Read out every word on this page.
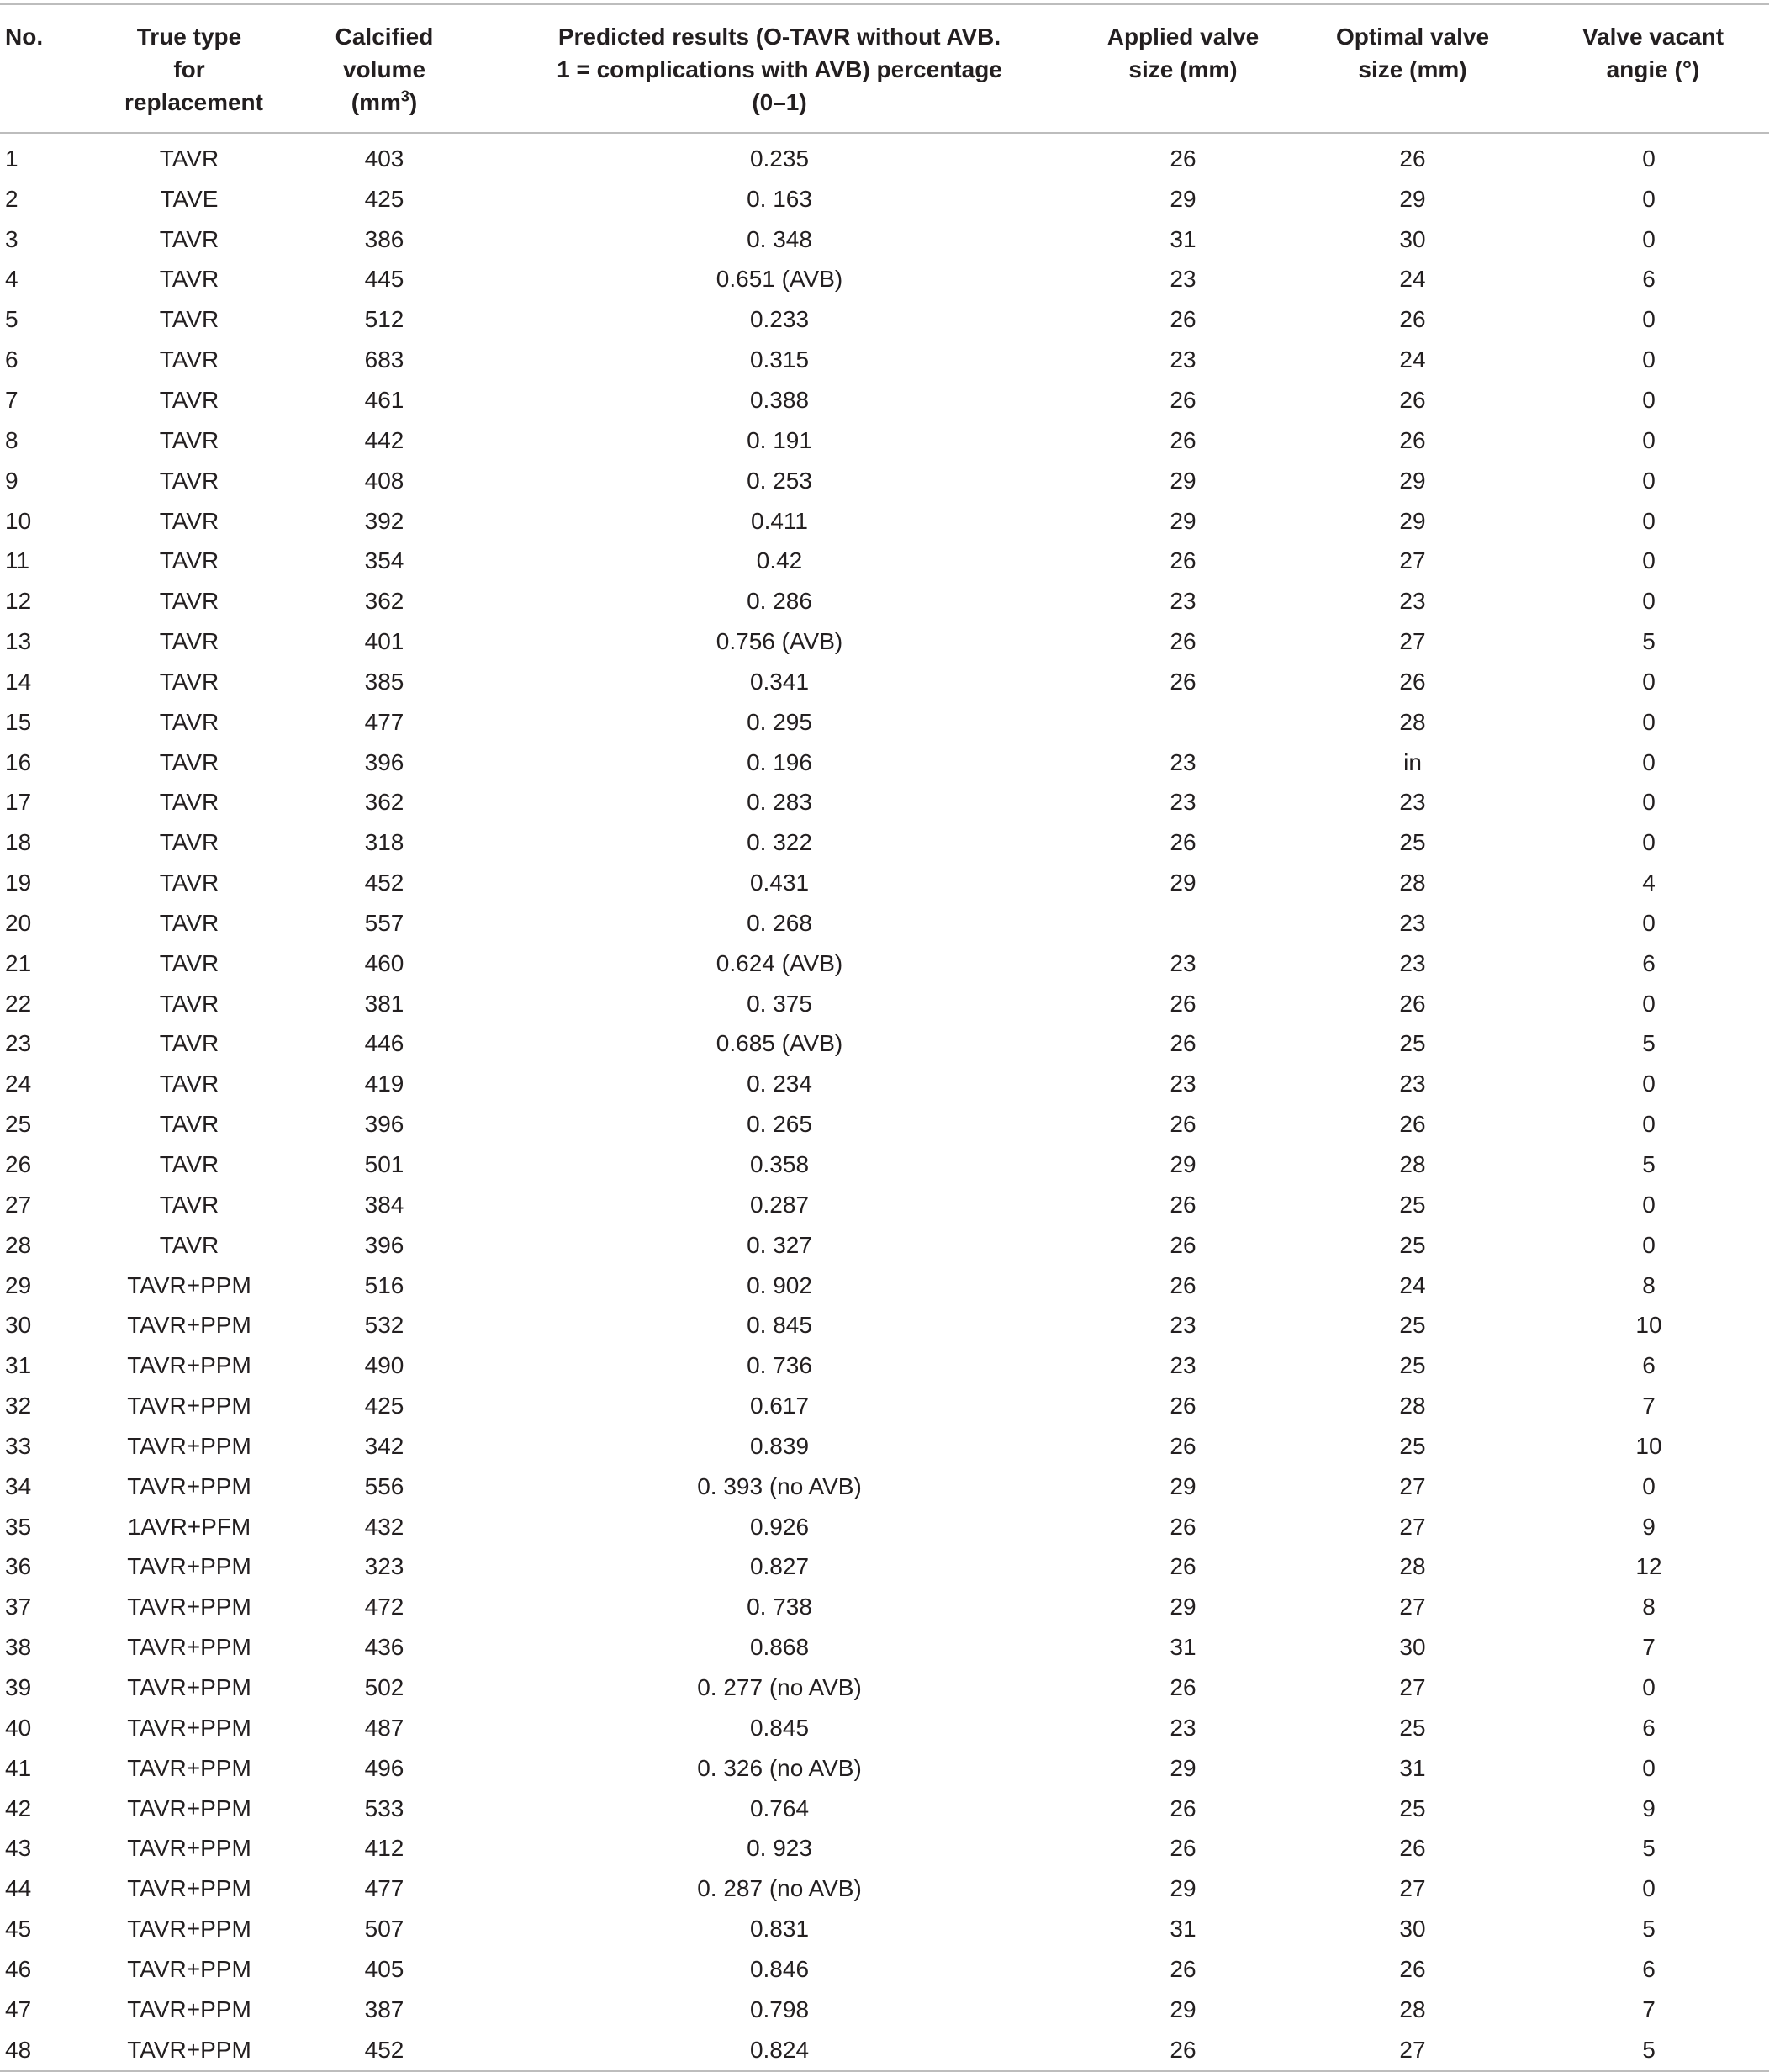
No.	True type for replacement	Calcified volume $(mm^3)$	Predicted results (O-TAVR without AVB. 1 = complications with AVB) percentage (0–1)	Applied valve size (mm)	Optimal valve size (mm)	Valve vacant angie (°)
1	TAVR	403	0.235	26	26	0
2	TAVE	425	0. 163	29	29	0
3	TAVR	386	0. 348	31	30	0
4	TAVR	445	0.651 (AVB)	23	24	6
5	TAVR	512	0.233	26	26	0
6	TAVR	683	0.315	23	24	0
7	TAVR	461	0.388	26	26	0
8	TAVR	442	0. 191	26	26	0
9	TAVR	408	0. 253	29	29	0
10	TAVR	392	0.411	29	29	0
11	TAVR	354	0.42	26	27	0
12	TAVR	362	0. 286	23	23	0
13	TAVR	401	0.756 (AVB)	26	27	5
14	TAVR	385	0.341	26	26	0
15	TAVR	477	0. 295		28	0
16	TAVR	396	0. 196	23	in	0
17	TAVR	362	0. 283	23	23	0
18	TAVR	318	0. 322	26	25	0
19	TAVR	452	0.431	29	28	4
20	TAVR	557	0. 268		23	0
21	TAVR	460	0.624 (AVB)	23	23	6
22	TAVR	381	0. 375	26	26	0
23	TAVR	446	0.685 (AVB)	26	25	5
24	TAVR	419	0. 234	23	23	0
25	TAVR	396	0. 265	26	26	0
26	TAVR	501	0.358	29	28	5
27	TAVR	384	0.287	26	25	0
28	TAVR	396	0. 327	26	25	0
29	TAVR+PPM	516	0. 902	26	24	8
30	TAVR+PPM	532	0. 845	23	25	10
31	TAVR+PPM	490	0. 736	23	25	6
32	TAVR+PPM	425	0.617	26	28	7
33	TAVR+PPM	342	0.839	26	25	10
34	TAVR+PPM	556	0. 393 (no AVB)	29	27	0
35	1AVR+PFM	432	0.926	26	27	9
36	TAVR+PPM	323	0.827	26	28	12
37	TAVR+PPM	472	0. 738	29	27	8
38	TAVR+PPM	436	0.868	31	30	7
39	TAVR+PPM	502	0. 277 (no AVB)	26	27	0
40	TAVR+PPM	487	0.845	23	25	6
41	TAVR+PPM	496	0. 326 (no AVB)	29	31	0
42	TAVR+PPM	533	0.764	26	25	9
43	TAVR+PPM	412	0. 923	26	26	5
44	TAVR+PPM	477	0. 287 (no AVB)	29	27	0
45	TAVR+PPM	507	0.831	31	30	5
46	TAVR+PPM	405	0.846	26	26	6
47	TAVR+PPM	387	0.798	29	28	7
48	TAVR+PPM	452	0.824	26	27	5
